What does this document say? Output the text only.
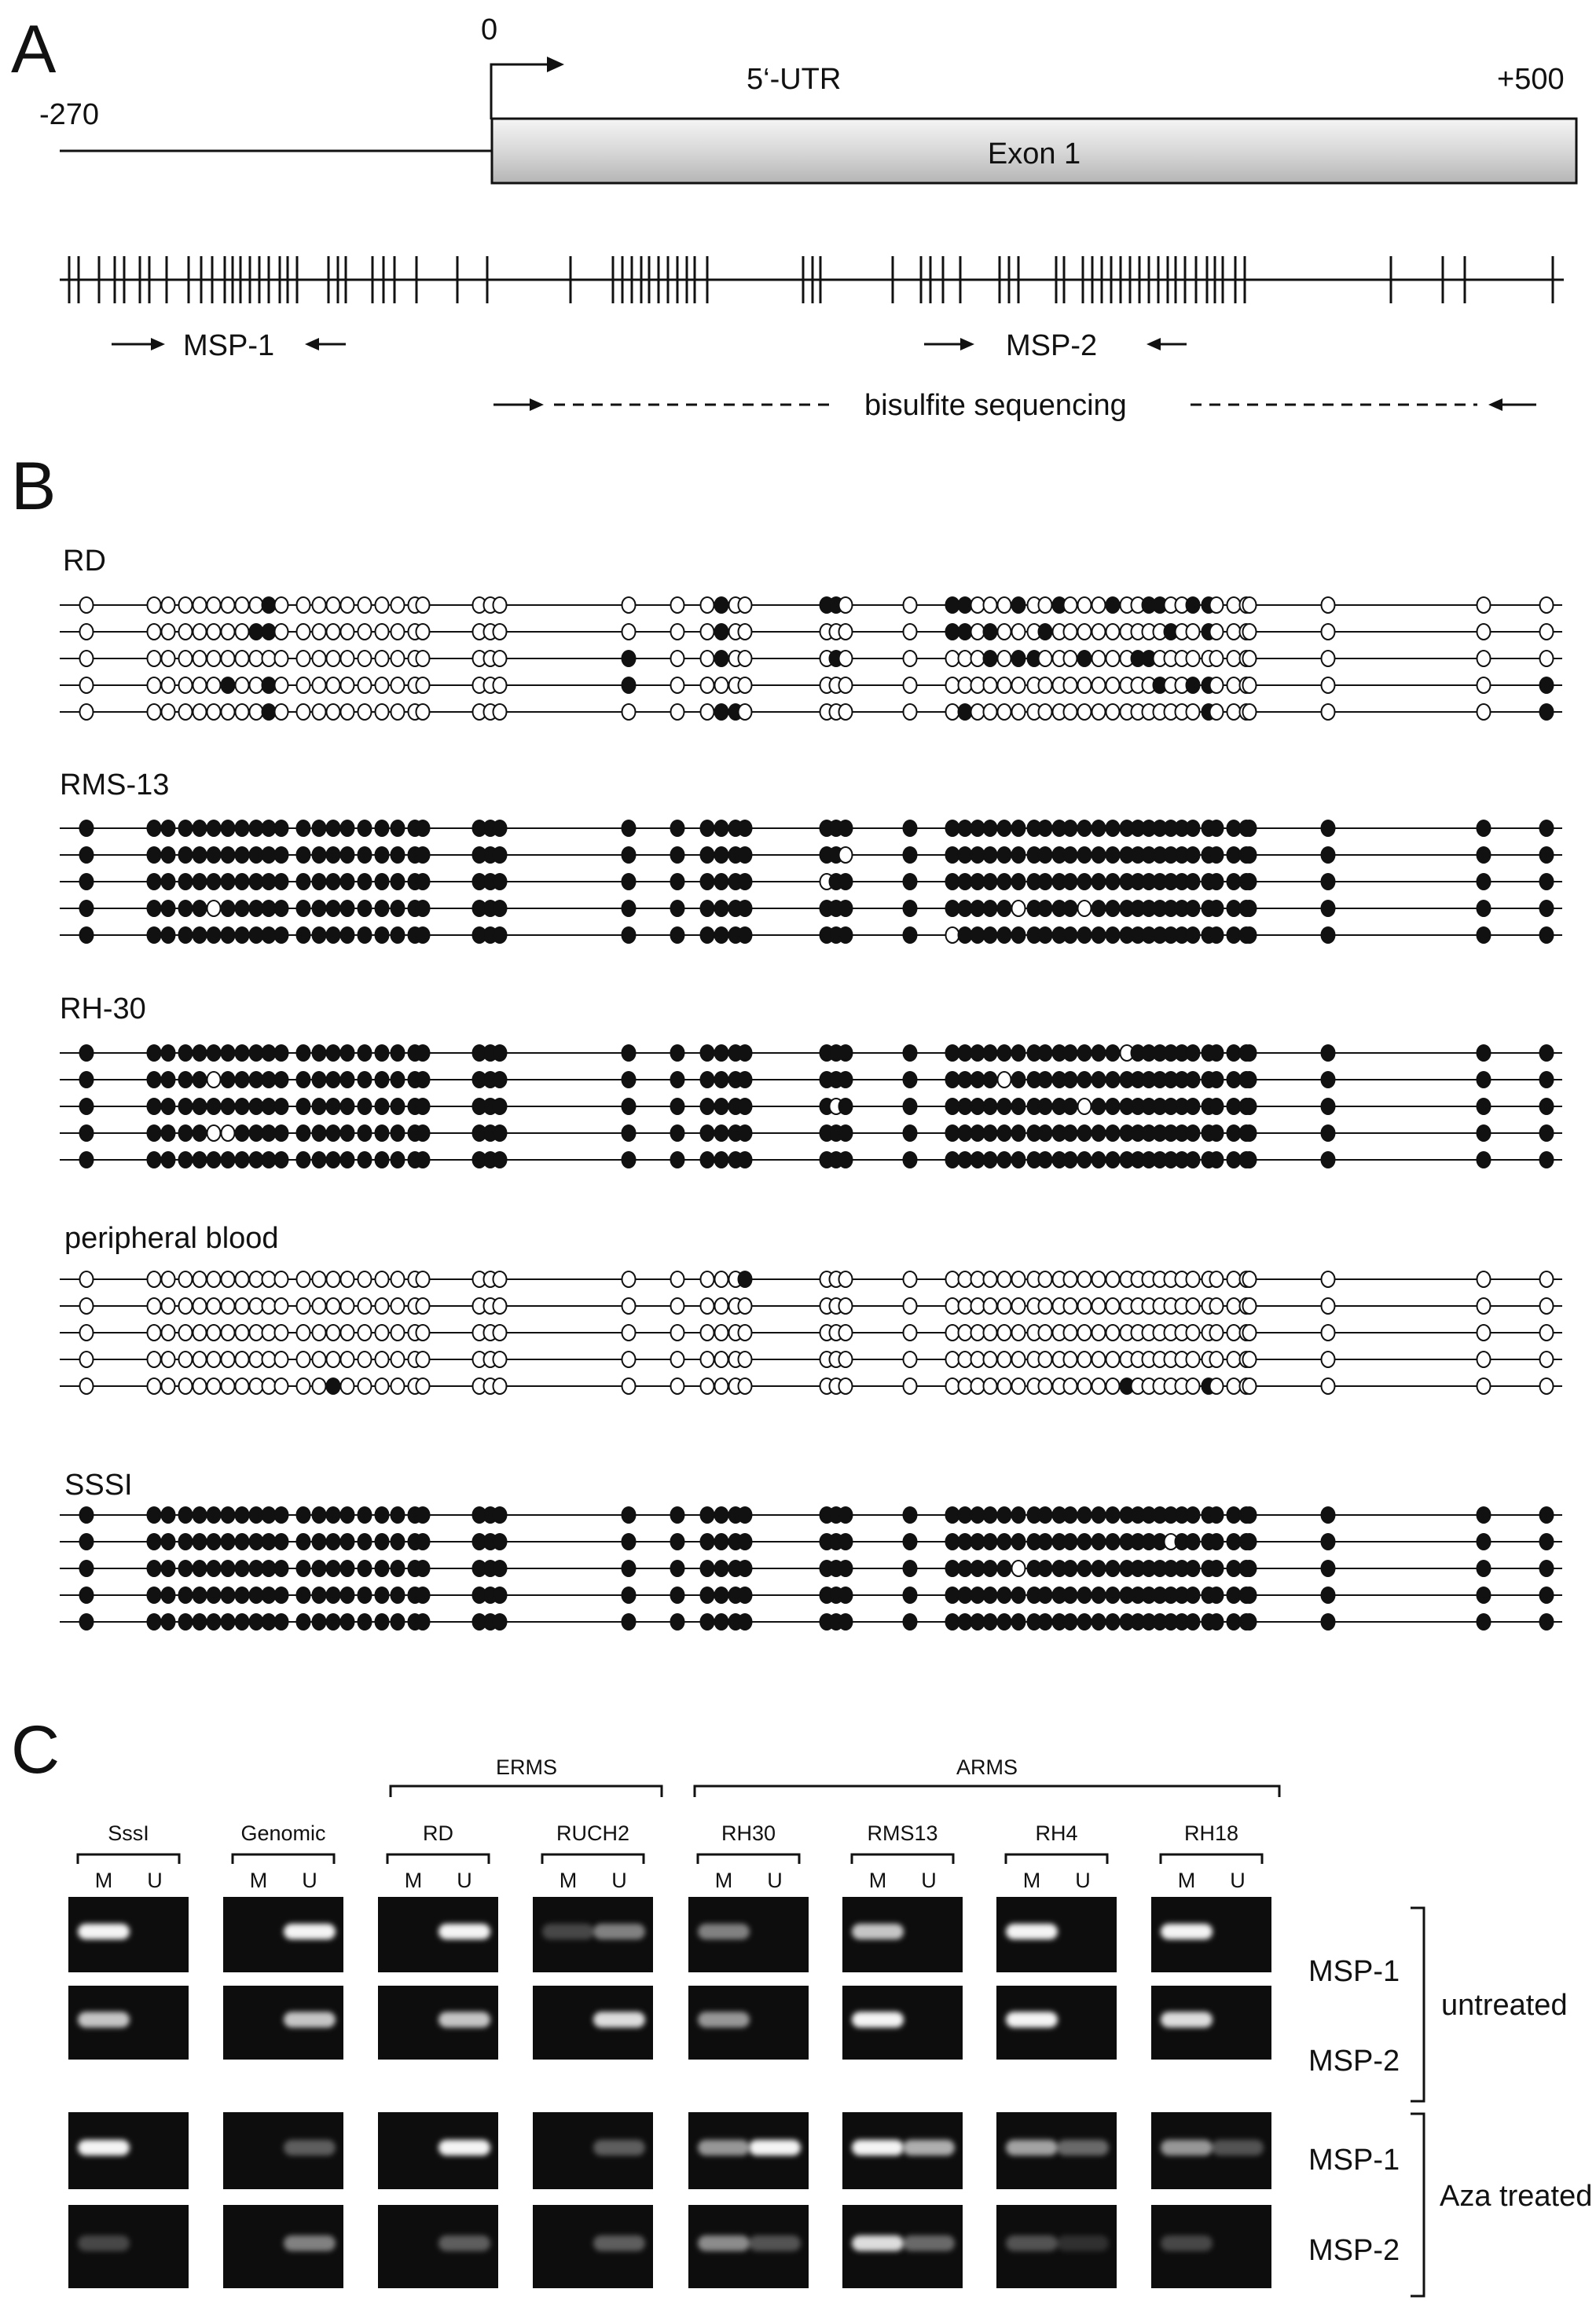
A	0
-270
+500
5‘-UTR
Exon 1
MSP-1	MSP-2
bisulfite sequencing
B
RD
RMS-13
RH-30
peripheral blood
SSSI
C	ERMS	ARMS
SssI
M U
Genomic
M U
RD
M U
RUCH2
M U
RH30
M U
RMS13
M U
RH4
M U
RH18
M U
MSP-1
MSP-2
MSP-1
MSP-2
untreated
Aza treated
